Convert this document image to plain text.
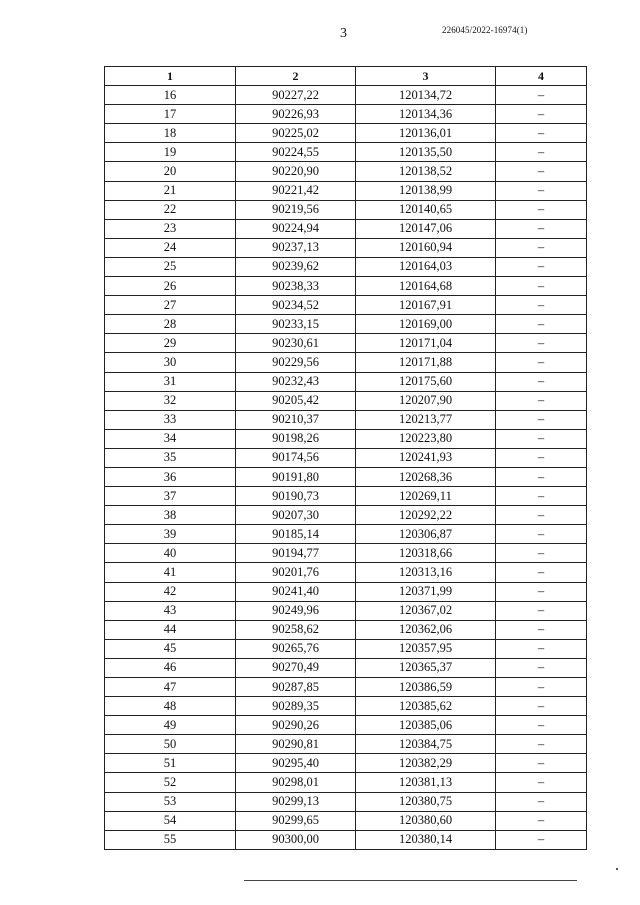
3	226045/2022-16974(1)
1	2	3	4
16	90227,22	120134,72	–
17	90226,93	120134,36	–
18	90225,02	120136,01	–
19	90224,55	120135,50	–
20	90220,90	120138,52	–
21	90221,42	120138,99	–
22	90219,56	120140,65	–
23	90224,94	120147,06	–
24	90237,13	120160,94	–
25	90239,62	120164,03	–
26	90238,33	120164,68	–
27	90234,52	120167,91	–
28	90233,15	120169,00	–
29	90230,61	120171,04	–
30	90229,56	120171,88	–
31	90232,43	120175,60	–
32	90205,42	120207,90	–
33	90210,37	120213,77	–
34	90198,26	120223,80	–
35	90174,56	120241,93	–
36	90191,80	120268,36	–
37	90190,73	120269,11	–
38	90207,30	120292,22	–
39	90185,14	120306,87	–
40	90194,77	120318,66	–
41	90201,76	120313,16	–
42	90241,40	120371,99	–
43	90249,96	120367,02	–
44	90258,62	120362,06	–
45	90265,76	120357,95	–
46	90270,49	120365,37	–
47	90287,85	120386,59	–
48	90289,35	120385,62	–
49	90290,26	120385,06	–
50	90290,81	120384,75	–
51	90295,40	120382,29	–
52	90298,01	120381,13	–
53	90299,13	120380,75	–
54	90299,65	120380,60	–
55	90300,00	120380,14	–
